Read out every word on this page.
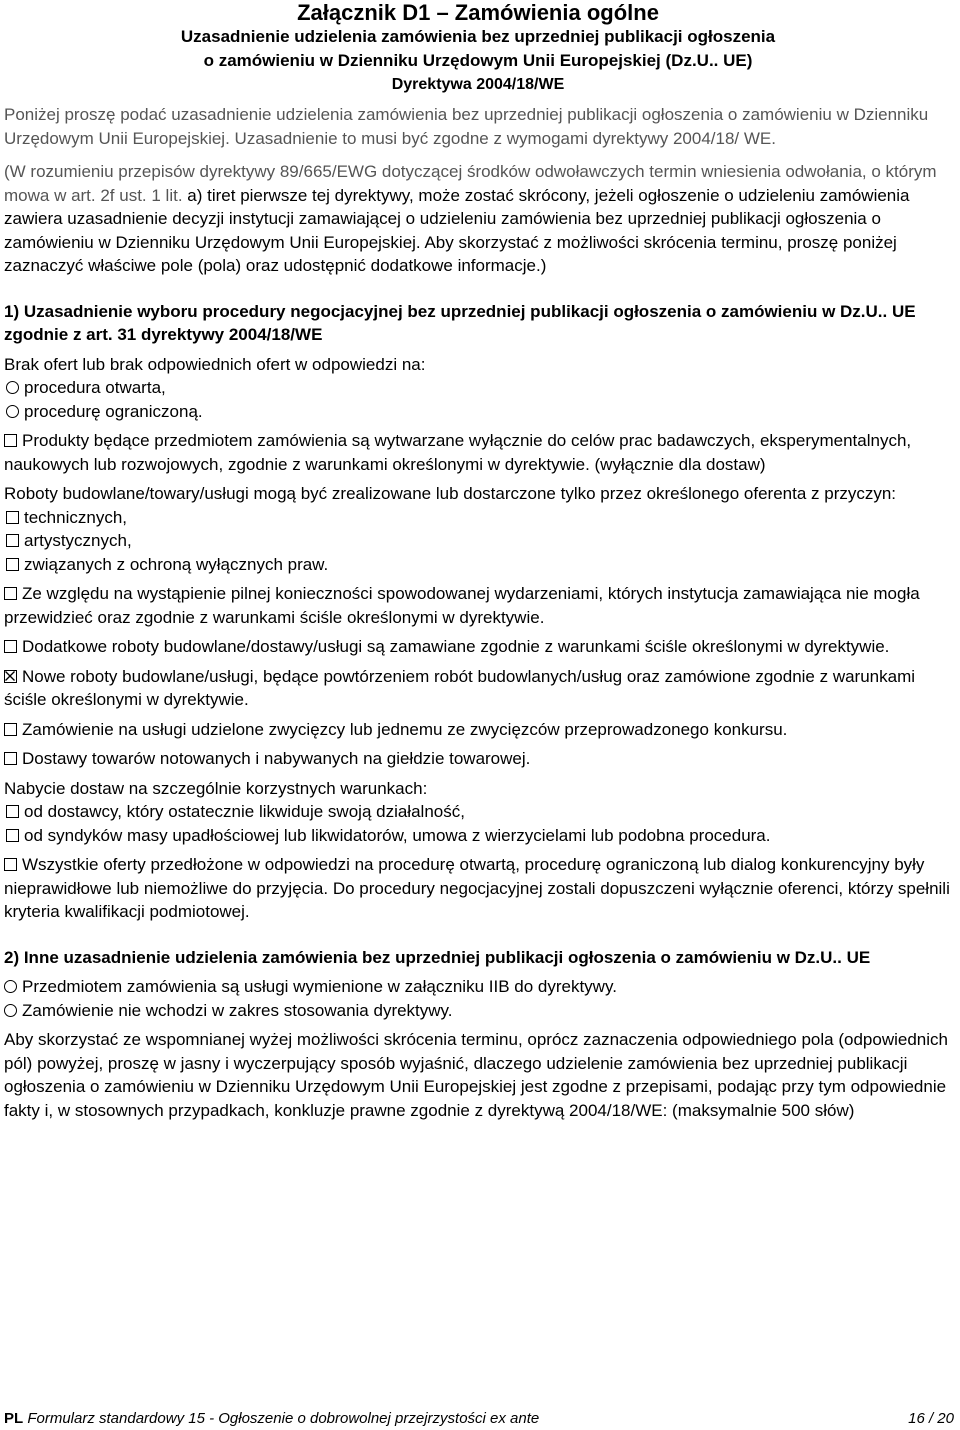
Załącznik D1 – Zamówienia ogólne
Uzasadnienie udzielenia zamówienia bez uprzedniej publikacji ogłoszenia
o zamówieniu w Dzienniku Urzędowym Unii Europejskiej (Dz.U.. UE)
Dyrektywa 2004/18/WE

Poniżej proszę podać uzasadnienie udzielenia zamówienia bez uprzedniej publikacji ogłoszenia o zamówieniu w Dzienniku Urzędowym Unii Europejskiej. Uzasadnienie to musi być zgodne z wymogami dyrektywy 2004/18/ WE.

(W rozumieniu przepisów dyrektywy 89/665/EWG dotyczącej środków odwoławczych termin wniesienia odwołania, o którym mowa w art. 2f ust. 1 lit. a) tiret pierwsze tej dyrektywy, może zostać skrócony, jeżeli ogłoszenie o udzieleniu zamówienia zawiera uzasadnienie decyzji instytucji zamawiającej o udzieleniu zamówienia bez uprzedniej publikacji ogłoszenia o zamówieniu w Dzienniku Urzędowym Unii Europejskiej. Aby skorzystać z możliwości skrócenia terminu, proszę poniżej zaznaczyć właściwe pole (pola) oraz udostępnić dodatkowe informacje.)

1) Uzasadnienie wyboru procedury negocjacyjnej bez uprzedniej publikacji ogłoszenia o zamówieniu w Dz.U.. UE zgodnie z art. 31 dyrektywy 2004/18/WE

Brak ofert lub brak odpowiednich ofert w odpowiedzi na:

procedura otwarta,
procedurę ograniczoną.

Produkty będące przedmiotem zamówienia są wytwarzane wyłącznie do celów prac badawczych, eksperymentalnych, naukowych lub rozwojowych, zgodnie z warunkami określonymi w dyrektywie. (wyłącznie dla dostaw)

Roboty budowlane/towary/usługi mogą być zrealizowane lub dostarczone tylko przez określonego oferenta z przyczyn:

technicznych,
artystycznych,
związanych z ochroną wyłącznych praw.

Ze względu na wystąpienie pilnej konieczności spowodowanej wydarzeniami, których instytucja zamawiająca nie mogła przewidzieć oraz zgodnie z warunkami ściśle określonymi w dyrektywie.

Dodatkowe roboty budowlane/dostawy/usługi są zamawiane zgodnie z warunkami ściśle określonymi w dyrektywie.

Nowe roboty budowlane/usługi, będące powtórzeniem robót budowlanych/usług oraz zamówione zgodnie z warunkami ściśle określonymi w dyrektywie.

Zamówienie na usługi udzielone zwycięzcy lub jednemu ze zwycięzców przeprowadzonego konkursu.

Dostawy towarów notowanych i nabywanych na giełdzie towarowej.

Nabycie dostaw na szczególnie korzystnych warunkach:

od dostawcy, który ostatecznie likwiduje swoją działalność,
od syndyków masy upadłościowej lub likwidatorów, umowa z wierzycielami lub podobna procedura.

Wszystkie oferty przedłożone w odpowiedzi na procedurę otwartą, procedurę ograniczoną lub dialog konkurencyjny były nieprawidłowe lub niemożliwe do przyjęcia. Do procedury negocjacyjnej zostali dopuszczeni wyłącznie oferenci, którzy spełnili kryteria kwalifikacji podmiotowej.

2) Inne uzasadnienie udzielenia zamówienia bez uprzedniej publikacji ogłoszenia o zamówieniu w Dz.U.. UE

Przedmiotem zamówienia są usługi wymienione w załączniku IIB do dyrektywy.
Zamówienie nie wchodzi w zakres stosowania dyrektywy.

Aby skorzystać ze wspomnianej wyżej możliwości skrócenia terminu, oprócz zaznaczenia odpowiedniego pola (odpowiednich pól) powyżej, proszę w jasny i wyczerpujący sposób wyjaśnić, dlaczego udzielenie zamówienia bez uprzedniej publikacji ogłoszenia o zamówieniu w Dzienniku Urzędowym Unii Europejskiej jest zgodne z przepisami, podając przy tym odpowiednie fakty i, w stosownych przypadkach, konkluzje prawne zgodnie z dyrektywą 2004/18/WE: (maksymalnie 500 słów)

PL Formularz standardowy 15 - Ogłoszenie o dobrowolnej przejrzystości ex ante	16 / 20
